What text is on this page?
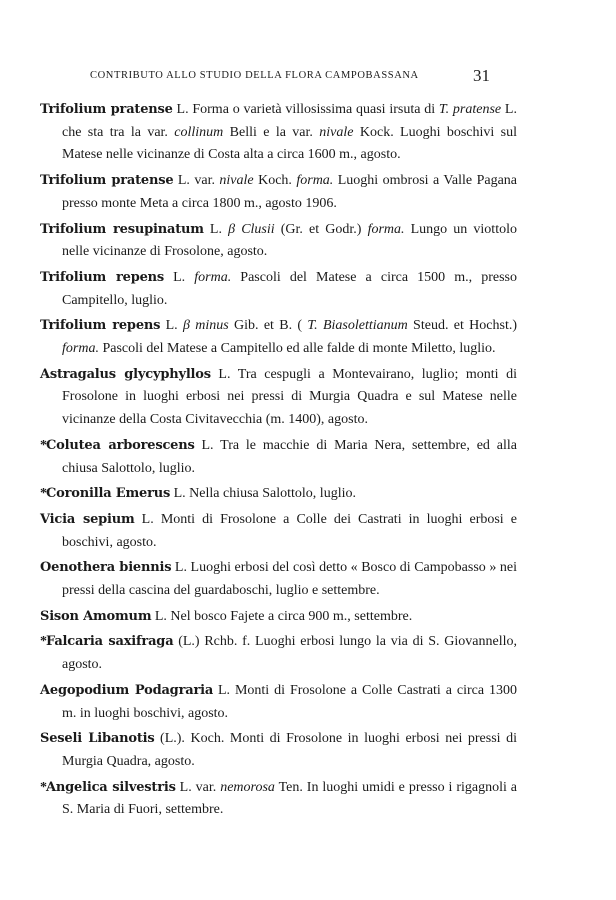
CONTRIBUTO ALLO STUDIO DELLA FLORA CAMPOBASSANA	31

Trifolium pratense L. Forma o varietà villosissima quasi irsuta di T. pratense L. che sta tra la var. collinum Belli e la var. nivale Kock. Luoghi boschivi sul Matese nelle vicinanze di Costa alta a circa 1600 m., agosto.

Trifolium pratense L. var. nivale Koch. forma. Luoghi ombrosi a Valle Pagana presso monte Meta a circa 1800 m., agosto 1906.

Trifolium resupinatum L. β Clusii (Gr. et Godr.) forma. Lungo un viottolo nelle vicinanze di Frosolone, agosto.

Trifolium repens L. forma. Pascoli del Matese a circa 1500 m., presso Campitello, luglio.

Trifolium repens L. β minus Gib. et B. ( T. Biasolettianum Steud. et Hochst.) forma. Pascoli del Matese a Campitello ed alle falde di monte Miletto, luglio.

Astragalus glycyphyllos L. Tra cespugli a Montevairano, luglio; monti di Frosolone in luoghi erbosi nei pressi di Murgia Quadra e sul Matese nelle vicinanze della Costa Civitavecchia (m. 1400), agosto.

*Colutea arborescens L. Tra le macchie di Maria Nera, settembre, ed alla chiusa Salottolo, luglio.

*Coronilla Emerus L. Nella chiusa Salottolo, luglio.

Vicia sepium L. Monti di Frosolone a Colle dei Castrati in luoghi erbosi e boschivi, agosto.

Oenothera biennis L. Luoghi erbosi del così detto « Bosco di Campobasso » nei pressi della cascina del guardaboschi, luglio e settembre.

Sison Amomum L. Nel bosco Fajete a circa 900 m., settembre.

*Falcaria saxifraga (L.) Rchb. f. Luoghi erbosi lungo la via di S. Giovannello, agosto.

Aegopodium Podagraria L. Monti di Frosolone a Colle Castrati a circa 1300 m. in luoghi boschivi, agosto.

Seseli Libanotis (L.). Koch. Monti di Frosolone in luoghi erbosi nei pressi di Murgia Quadra, agosto.

*Angelica silvestris L. var. nemorosa Ten. In luoghi umidi e presso i rigagnoli a S. Maria di Fuori, settembre.
